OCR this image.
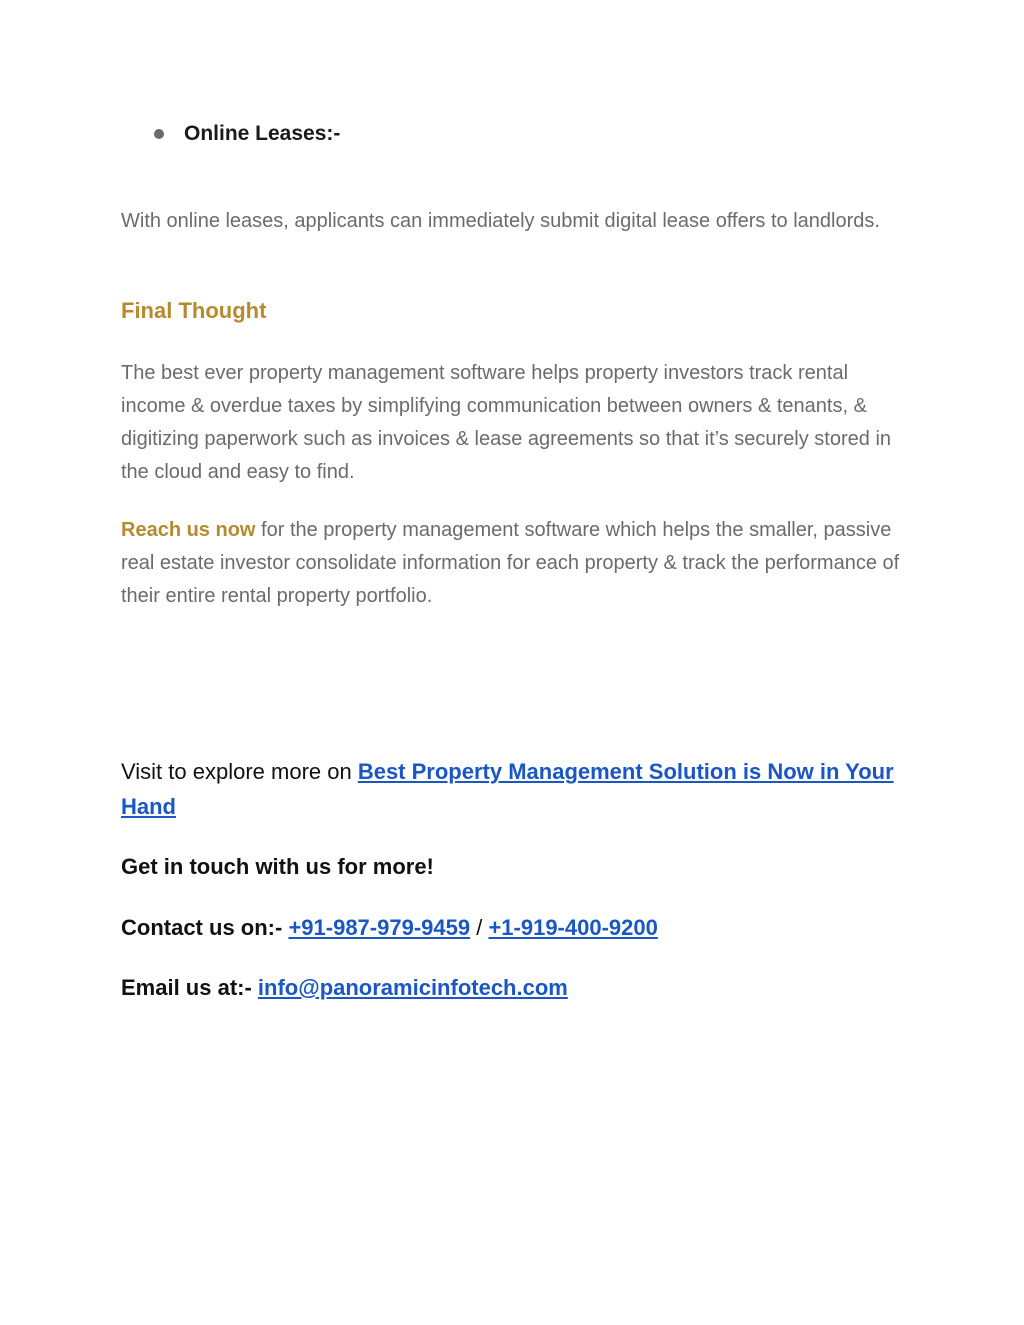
Online Leases:-

With online leases, applicants can immediately submit digital lease offers to landlords.

Final Thought

The best ever property management software helps property investors track rental income & overdue taxes by simplifying communication between owners & tenants, & digitizing paperwork such as invoices & lease agreements so that it’s securely stored in the cloud and easy to find.

Reach us now for the property management software which helps the smaller, passive real estate investor consolidate information for each property & track the performance of their entire rental property portfolio.

Visit to explore more on Best Property Management Solution is Now in Your Hand

Get in touch with us for more!

Contact us on:- +91-987-979-9459 / +1-919-400-9200

Email us at:- info@panoramicinfotech.com
